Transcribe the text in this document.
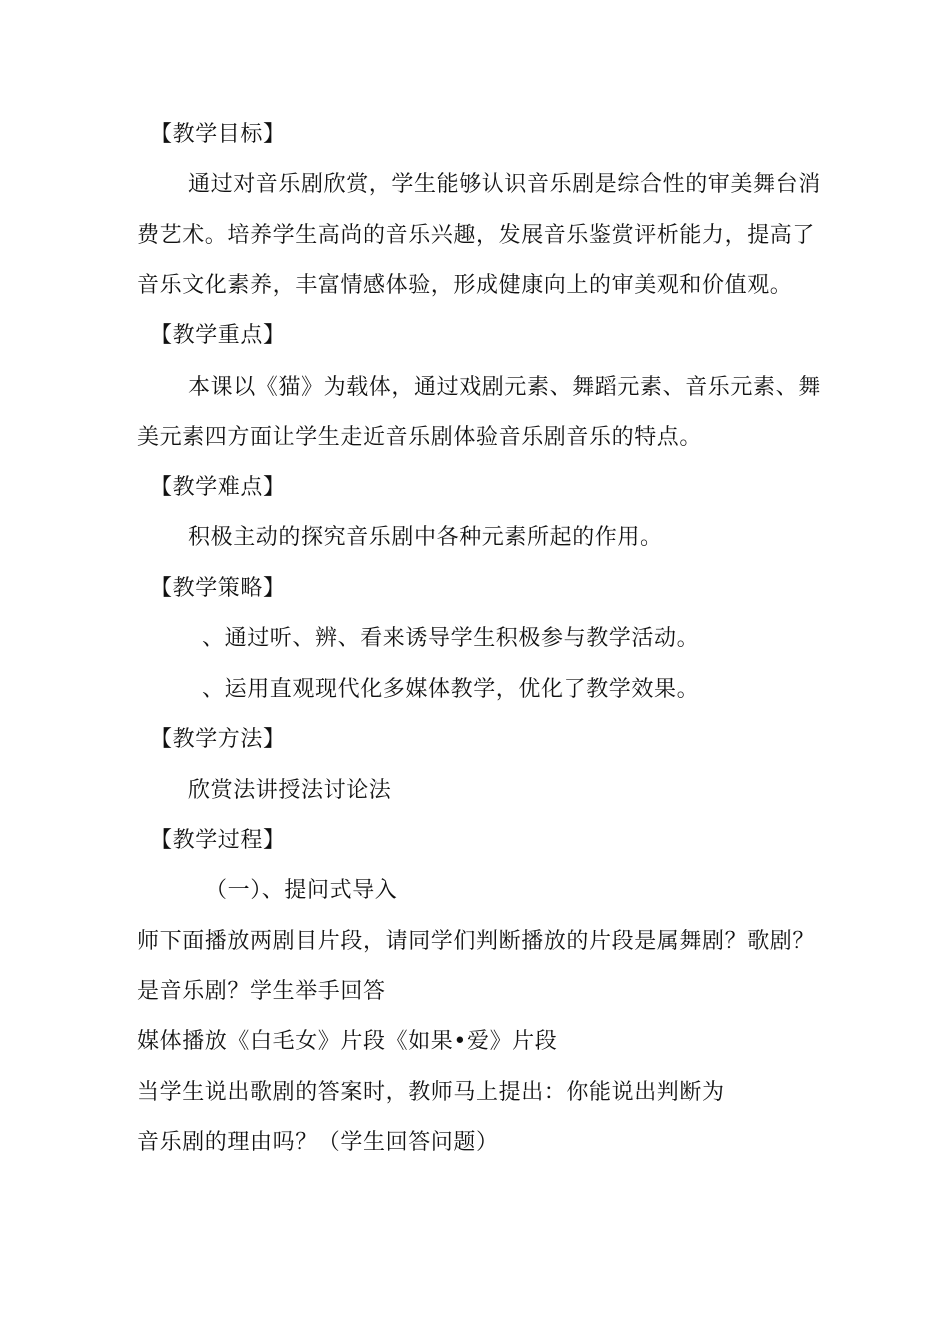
【教学目标】
通过对音乐剧欣赏，学生能够认识音乐剧是综合性的审美舞台消
费艺术。培养学生高尚的音乐兴趣，发展音乐鉴赏评析能力，提高了
音乐文化素养，丰富情感体验，形成健康向上的审美观和价值观。
【教学重点】
本课以《猫》为载体，通过戏剧元素、舞蹈元素、音乐元素、舞
美元素四方面让学生走近音乐剧体验音乐剧音乐的特点。
【教学难点】
积极主动的探究音乐剧中各种元素所起的作用。
【教学策略】
、通过听、辨、看来诱导学生积极参与教学活动。
、运用直观现代化多媒体教学，优化了教学效果。
【教学方法】
欣赏法讲授法讨论法
【教学过程】
（一）、提问式导入
师下面播放两剧目片段，请同学们判断播放的片段是属舞剧？歌剧？
是音乐剧？学生举手回答
媒体播放《白毛女》片段《如果•爱》片段
当学生说出歌剧的答案时，教师马上提出：你能说出判断为
音乐剧的理由吗？（学生回答问题）
